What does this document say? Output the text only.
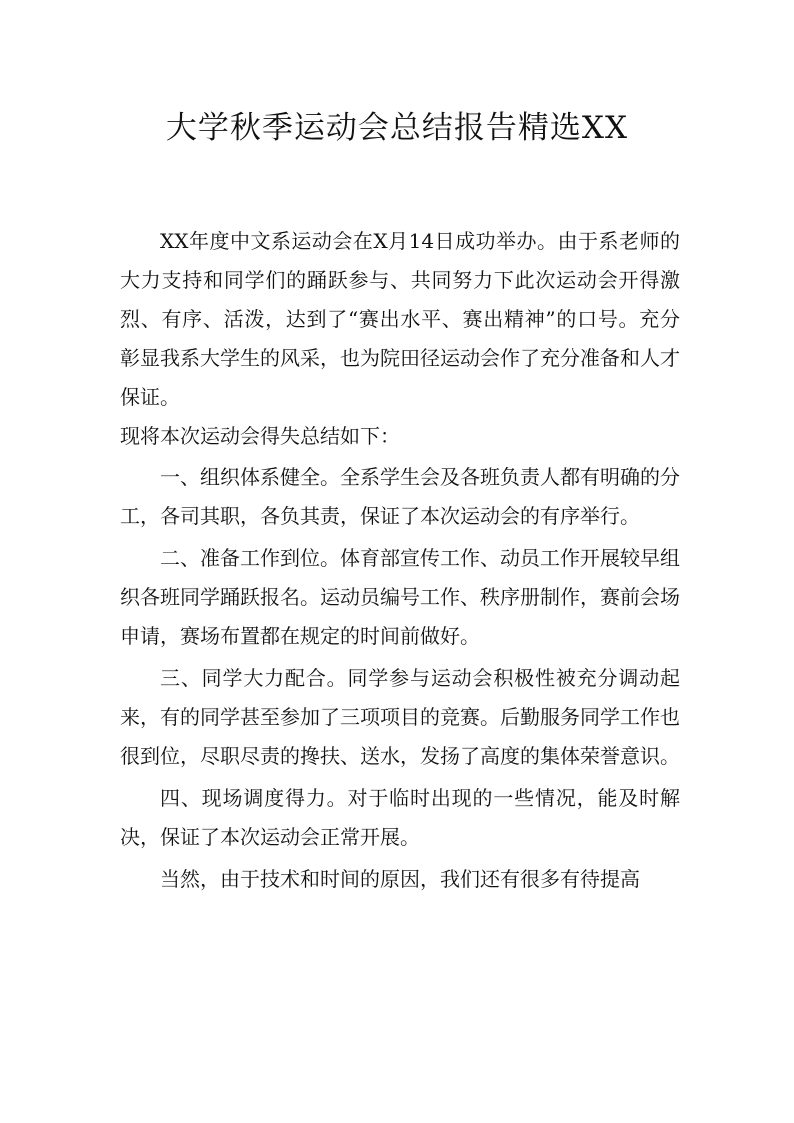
大学秋季运动会总结报告精选XX

XX年度中文系运动会在X月14日成功举办。由于系老师的大力支持和同学们的踊跃参与、共同努力下此次运动会开得激烈、有序、活泼，达到了“赛出水平、赛出精神”的口号。充分彰显我系大学生的风采，也为院田径运动会作了充分准备和人才保证。

现将本次运动会得失总结如下：

一、组织体系健全。全系学生会及各班负责人都有明确的分工，各司其职，各负其责，保证了本次运动会的有序举行。

二、准备工作到位。体育部宣传工作、动员工作开展较早组织各班同学踊跃报名。运动员编号工作、秩序册制作，赛前会场申请，赛场布置都在规定的时间前做好。

三、同学大力配合。同学参与运动会积极性被充分调动起来，有的同学甚至参加了三项项目的竞赛。后勤服务同学工作也很到位，尽职尽责的搀扶、送水，发扬了高度的集体荣誉意识。

四、现场调度得力。对于临时出现的一些情况，能及时解决，保证了本次运动会正常开展。

当然，由于技术和时间的原因，我们还有很多有待提高
